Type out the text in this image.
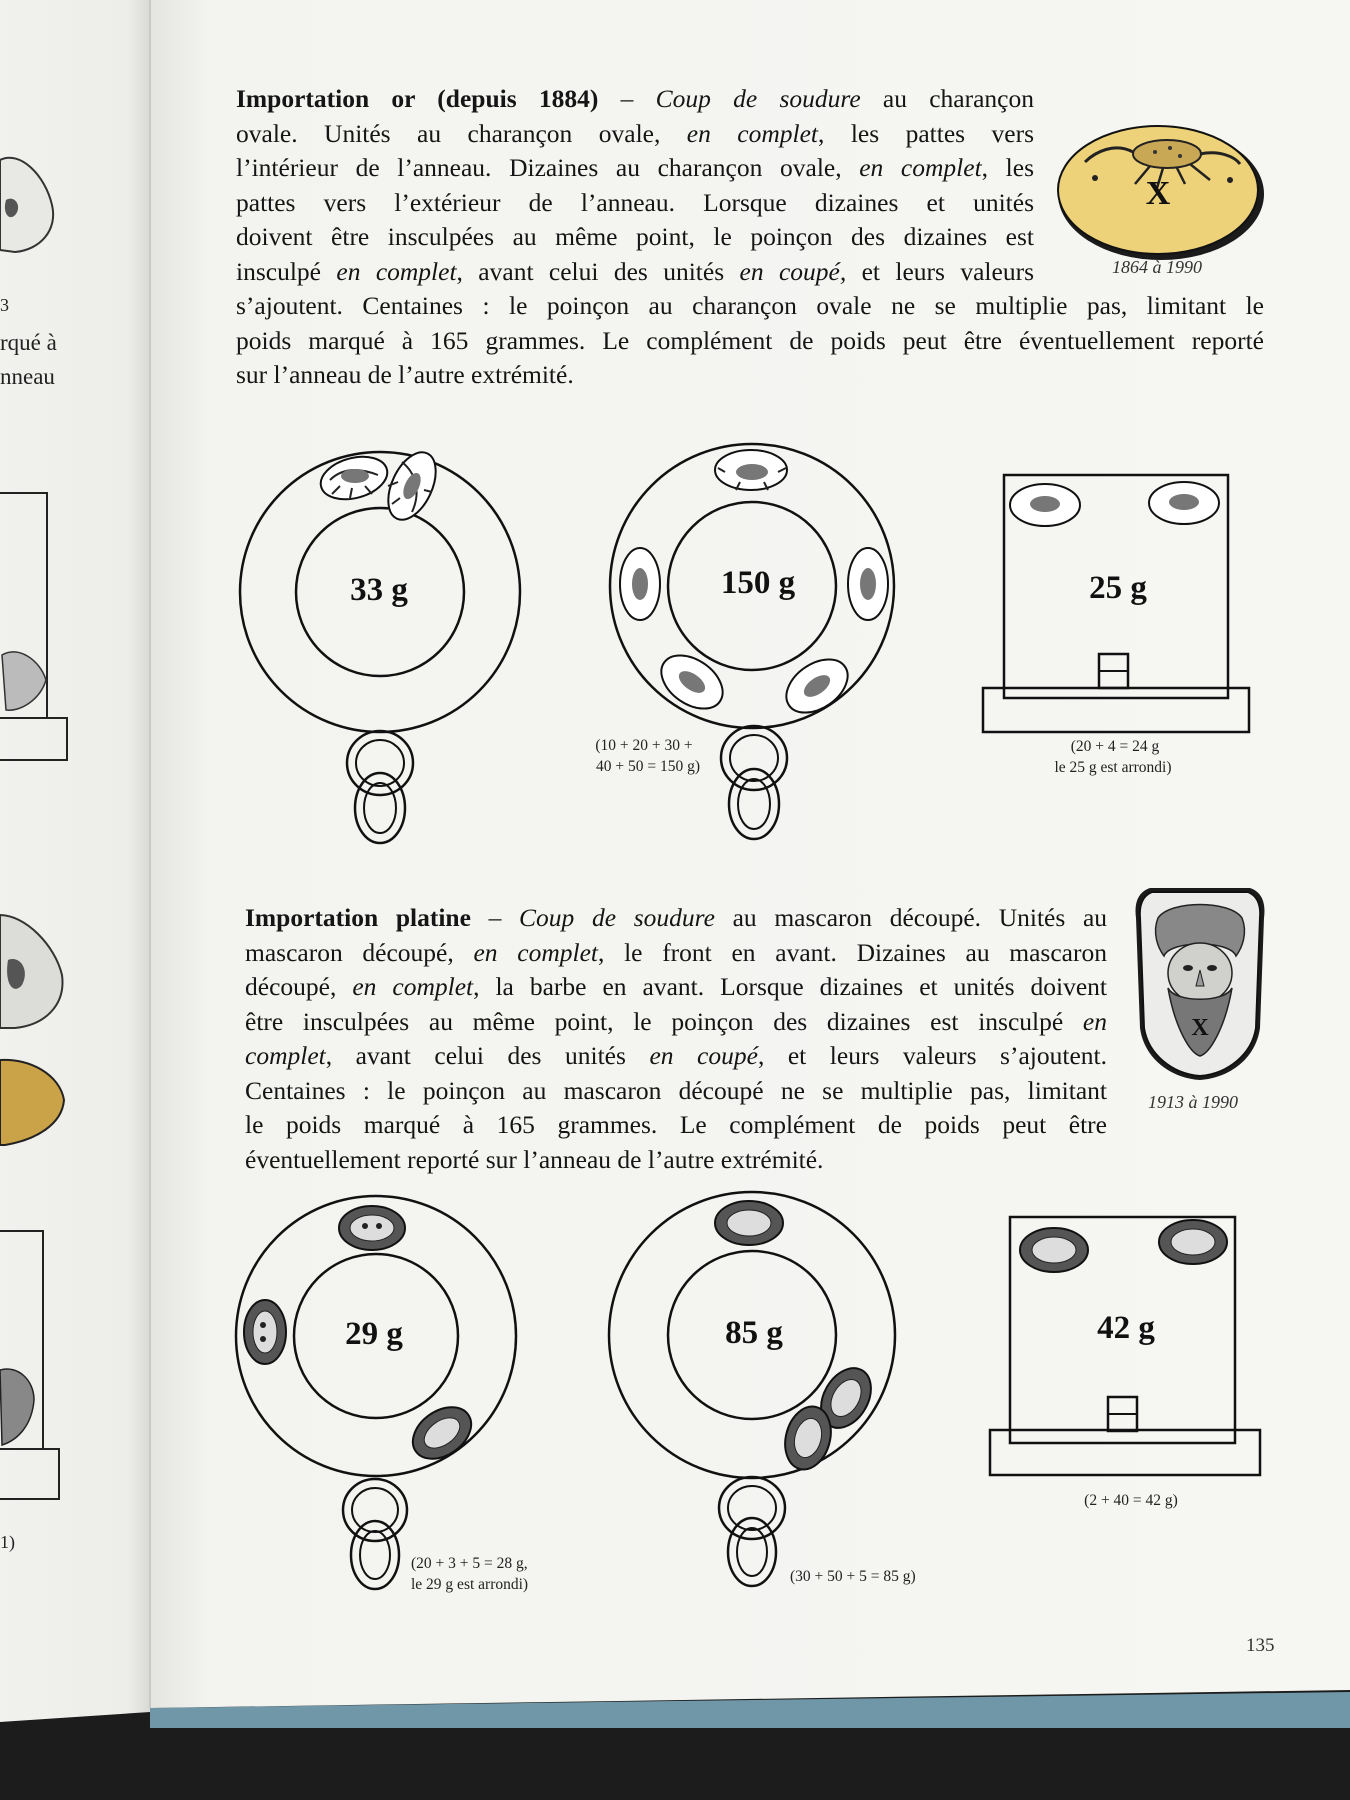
3
rqué à
nneau
1)
Importation or (depuis 1884) – Coup de soudure au charançon
ovale. Unités au charançon ovale, en complet, les pattes vers
l’intérieur de l’anneau. Dizaines au charançon ovale, en complet, les
pattes vers l’extérieur de l’anneau. Lorsque dizaines et unités
doivent être insculpées au même point, le poinçon des dizaines est
insculpé en complet, avant celui des unités en coupé, et leurs valeurs
s’ajoutent. Centaines : le poinçon au charançon ovale ne se multiplie pas, limitant le
poids marqué à 165 grammes. Le complément de poids peut être éventuellement reporté
sur l’anneau de l’autre extrémité.
X
1864 à 1990
33 g	150 g
(10 + 20 + 30 +
40 + 50 = 150 g)
25 g
(20 + 4 = 24 g
le 25 g est arrondi)
Importation platine – Coup de soudure au mascaron découpé. Unités au
mascaron découpé, en complet, le front en avant. Dizaines au mascaron
découpé, en complet, la barbe en avant. Lorsque dizaines et unités doivent
être insculpées au même point, le poinçon des dizaines est insculpé en
complet, avant celui des unités en coupé, et leurs valeurs s’ajoutent.
Centaines : le poinçon au mascaron découpé ne se multiplie pas, limitant
le poids marqué à 165 grammes. Le complément de poids peut être
éventuellement reporté sur l’anneau de l’autre extrémité.
X
1913 à 1990
29 g
(20 + 3 + 5 = 28 g,
le 29 g est arrondi)
85 g
(30 + 50 + 5 = 85 g)
42 g
(2 + 40 = 42 g)
135
